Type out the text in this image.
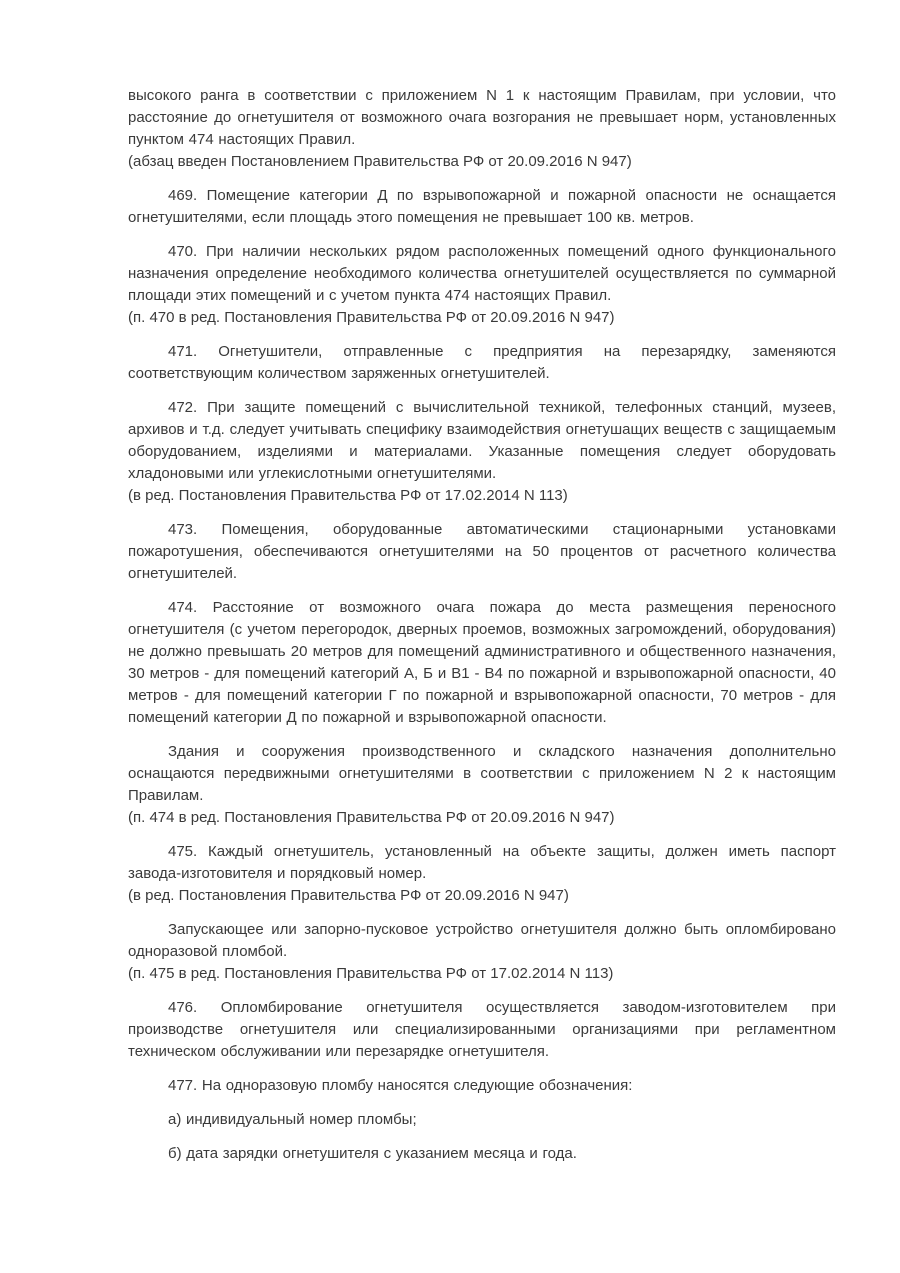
высокого ранга в соответствии с приложением N 1 к настоящим Правилам, при условии, что расстояние до огнетушителя от возможного очага возгорания не превышает норм, установленных пунктом 474 настоящих Правил.

(абзац введен Постановлением Правительства РФ от 20.09.2016 N 947)

469. Помещение категории Д по взрывопожарной и пожарной опасности не оснащается огнетушителями, если площадь этого помещения не превышает 100 кв. метров.

470. При наличии нескольких рядом расположенных помещений одного функционального назначения определение необходимого количества огнетушителей осуществляется по суммарной площади этих помещений и с учетом пункта 474 настоящих Правил.

(п. 470 в ред. Постановления Правительства РФ от 20.09.2016 N 947)

471. Огнетушители, отправленные с предприятия на перезарядку, заменяются соответствующим количеством заряженных огнетушителей.

472. При защите помещений с вычислительной техникой, телефонных станций, музеев, архивов и т.д. следует учитывать специфику взаимодействия огнетушащих веществ с защищаемым оборудованием, изделиями и материалами. Указанные помещения следует оборудовать хладоновыми или углекислотными огнетушителями.

(в ред. Постановления Правительства РФ от 17.02.2014 N 113)

473. Помещения, оборудованные автоматическими стационарными установками пожаротушения, обеспечиваются огнетушителями на 50 процентов от расчетного количества огнетушителей.

474. Расстояние от возможного очага пожара до места размещения переносного огнетушителя (с учетом перегородок, дверных проемов, возможных загромождений, оборудования) не должно превышать 20 метров для помещений административного и общественного назначения, 30 метров - для помещений категорий А, Б и В1 - В4 по пожарной и взрывопожарной опасности, 40 метров - для помещений категории Г по пожарной и взрывопожарной опасности, 70 метров - для помещений категории Д по пожарной и взрывопожарной опасности.

Здания и сооружения производственного и складского назначения дополнительно оснащаются передвижными огнетушителями в соответствии с приложением N 2 к настоящим Правилам.

(п. 474 в ред. Постановления Правительства РФ от 20.09.2016 N 947)

475. Каждый огнетушитель, установленный на объекте защиты, должен иметь паспорт завода-изготовителя и порядковый номер.

(в ред. Постановления Правительства РФ от 20.09.2016 N 947)

Запускающее или запорно-пусковое устройство огнетушителя должно быть опломбировано одноразовой пломбой.

(п. 475 в ред. Постановления Правительства РФ от 17.02.2014 N 113)

476. Опломбирование огнетушителя осуществляется заводом-изготовителем при производстве огнетушителя или специализированными организациями при регламентном техническом обслуживании или перезарядке огнетушителя.

477. На одноразовую пломбу наносятся следующие обозначения:

а) индивидуальный номер пломбы;

б) дата зарядки огнетушителя с указанием месяца и года.
